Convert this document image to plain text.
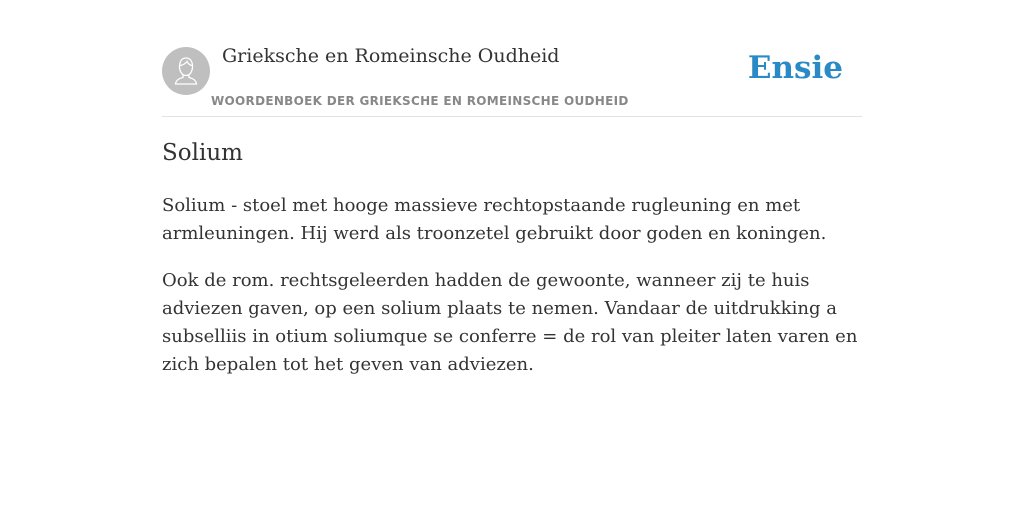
Grieksche en Romeinsche Oudheid
WOORDENBOEK DER GRIEKSCHE EN ROMEINSCHE OUDHEID
Ensie
Solium

Solium - stoel met hooge massieve rechtopstaande rugleuning en met armleuningen. Hij werd als troonzetel gebruikt door goden en koningen.

Ook de rom. rechtsgeleerden hadden de gewoonte, wanneer zij te huis adviezen gaven, op een solium plaats te nemen. Vandaar de uitdrukking a subselliis in otium soliumque se conferre = de rol van pleiter laten varen en zich bepalen tot het geven van adviezen.
